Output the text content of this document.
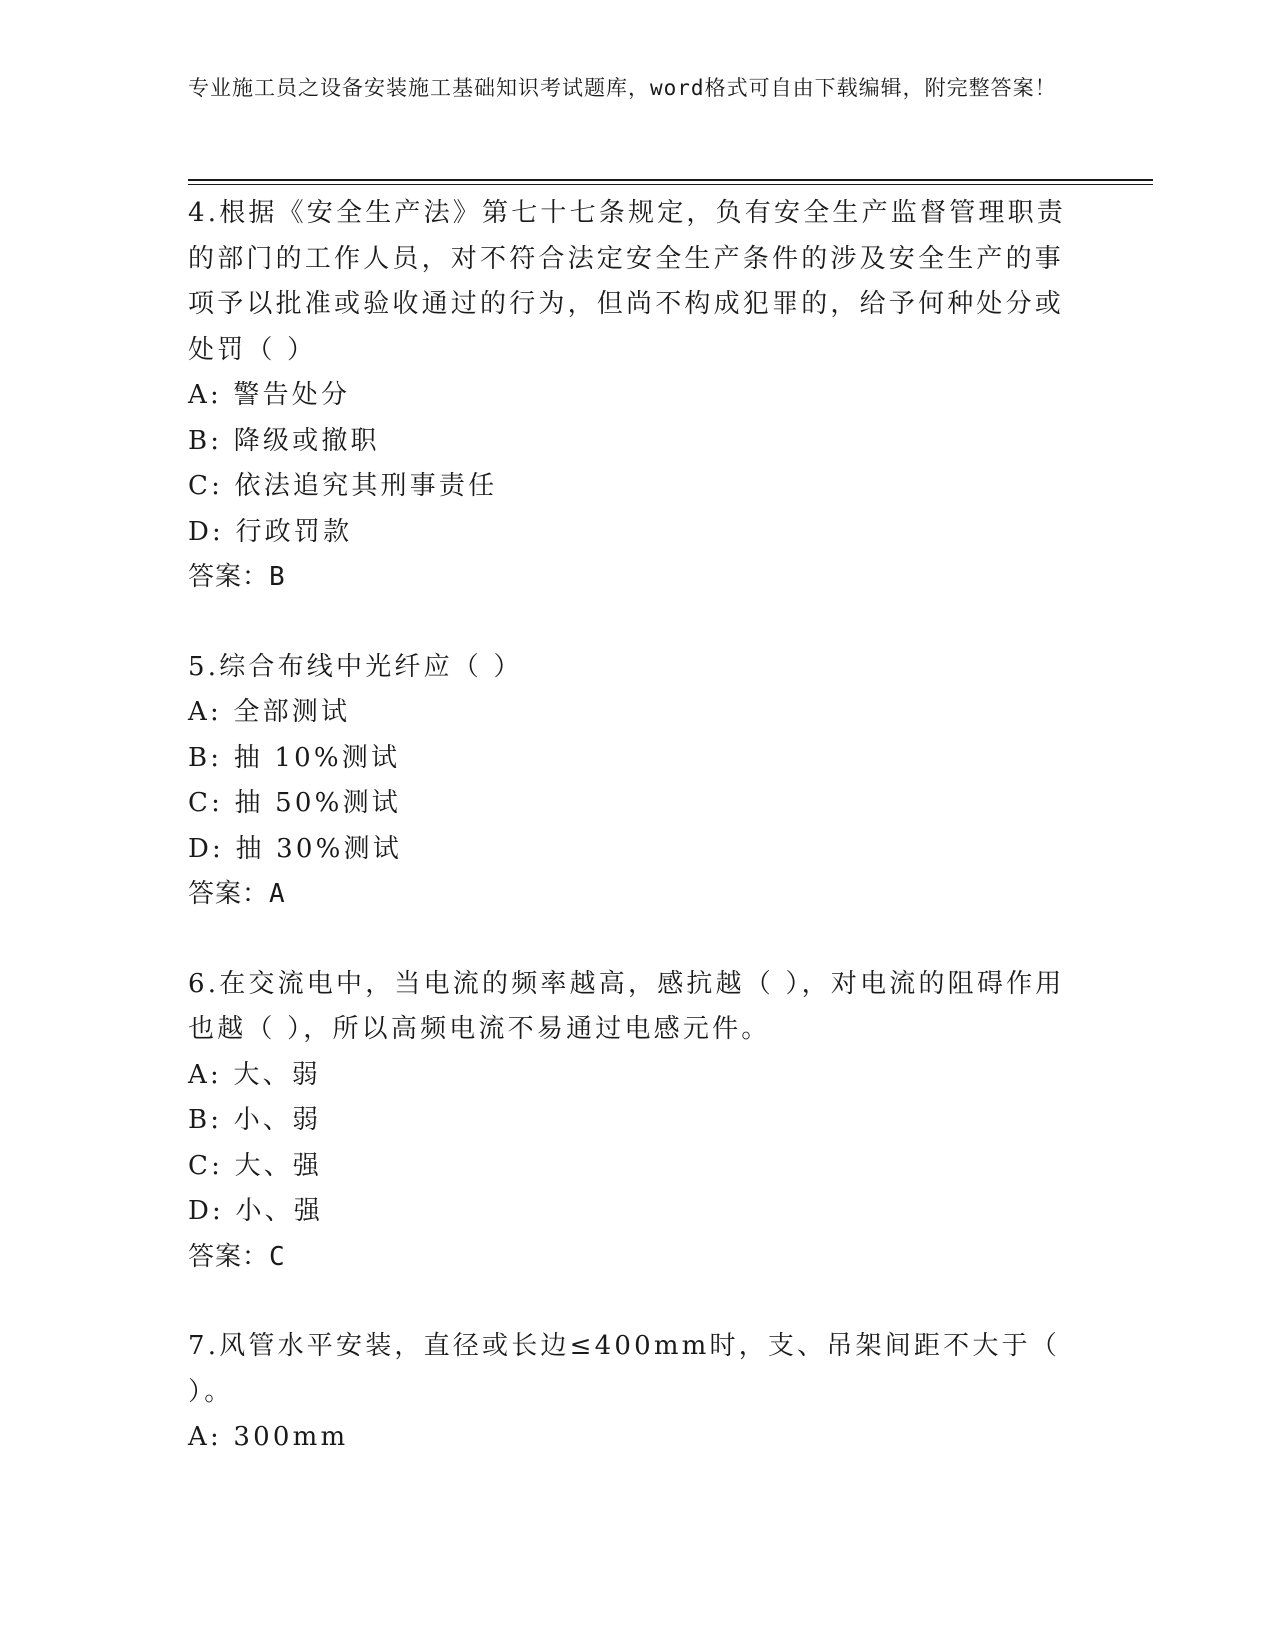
专业施工员之设备安装施工基础知识考试题库，word格式可自由下载编辑，附完整答案！
4.根据《安全生产法》第七十七条规定，负有安全生产监督管理职责的部门的工作人员，对不符合法定安全生产条件的涉及安全生产的事项予以批准或验收通过的行为，但尚不构成犯罪的，给予何种处分或处罚（ ）
A: 警告处分
B: 降级或撤职
C: 依法追究其刑事责任
D: 行政罚款
答案：B
5.综合布线中光纤应（ ）
A: 全部测试
B: 抽 10%测试
C: 抽 50%测试
D: 抽 30%测试
答案：A
6.在交流电中，当电流的频率越高，感抗越（ ），对电流的阻碍作用也越（ ），所以高频电流不易通过电感元件。
A: 大、弱
B: 小、弱
C: 大、强
D: 小、强
答案：C
7.风管水平安装，直径或长边≤400mm时，支、吊架间距不大于（ ）。
A: 300mm
